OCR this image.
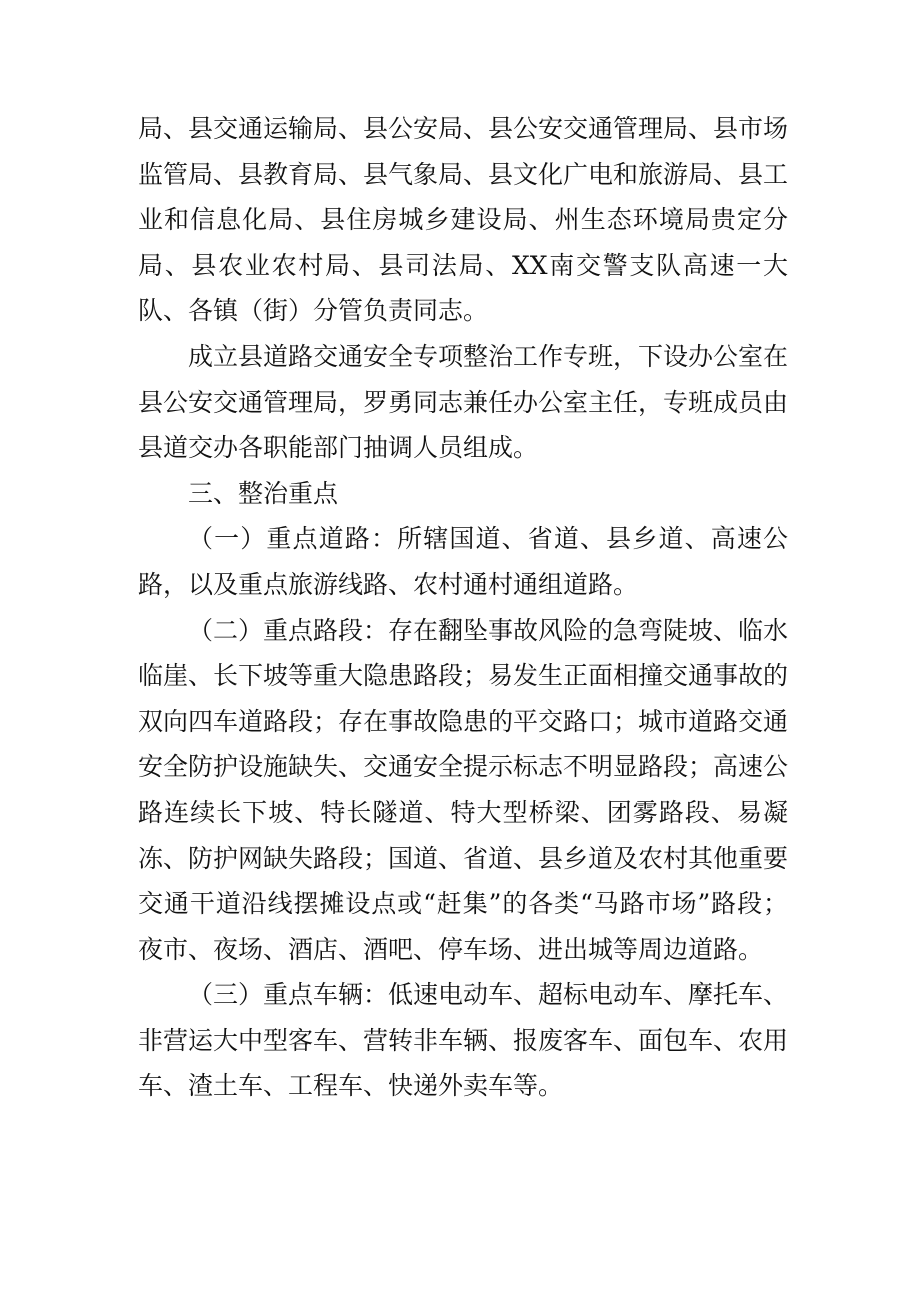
局、县交通运输局、县公安局、县公安交通管理局、县市场监管局、县教育局、县气象局、县文化广电和旅游局、县工业和信息化局、县住房城乡建设局、州生态环境局贵定分局、县农业农村局、县司法局、XX南交警支队高速一大队、各镇（街）分管负责同志。

成立县道路交通安全专项整治工作专班，下设办公室在县公安交通管理局，罗勇同志兼任办公室主任，专班成员由县道交办各职能部门抽调人员组成。

三、整治重点

（一）重点道路：所辖国道、省道、县乡道、高速公路，以及重点旅游线路、农村通村通组道路。

（二）重点路段：存在翻坠事故风险的急弯陡坡、临水临崖、长下坡等重大隐患路段；易发生正面相撞交通事故的双向四车道路段；存在事故隐患的平交路口；城市道路交通安全防护设施缺失、交通安全提示标志不明显路段；高速公路连续长下坡、特长隧道、特大型桥梁、团雾路段、易凝冻、防护网缺失路段；国道、省道、县乡道及农村其他重要交通干道沿线摆摊设点或“赶集”的各类“马路市场”路段；夜市、夜场、酒店、酒吧、停车场、进出城等周边道路。

（三）重点车辆：低速电动车、超标电动车、摩托车、非营运大中型客车、营转非车辆、报废客车、面包车、农用车、渣土车、工程车、快递外卖车等。
